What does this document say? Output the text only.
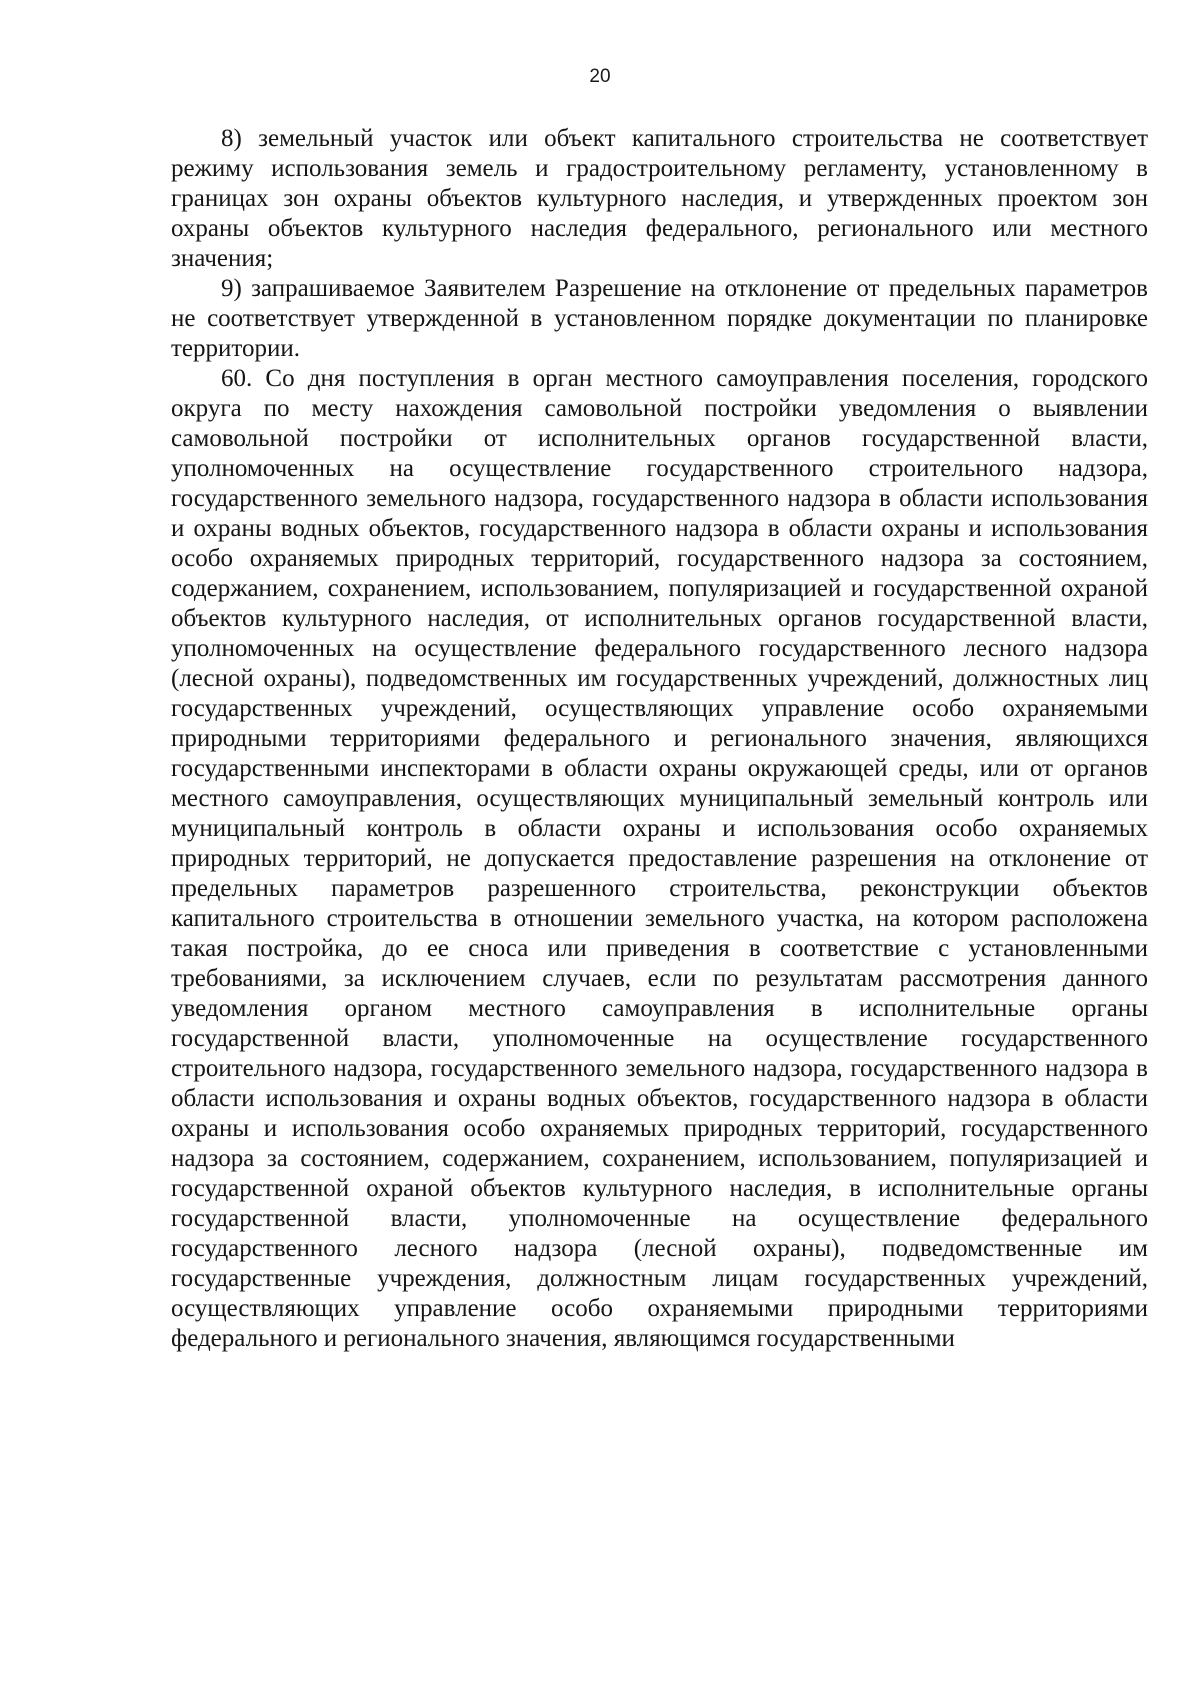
20

8) земельный участок или объект капитального строительства не соответствует режиму использования земель и градостроительному регламенту, установленному в границах зон охраны объектов культурного наследия, и утвержденных проектом зон охраны объектов культурного наследия федерального, регионального или местного значения;

9) запрашиваемое Заявителем Разрешение на отклонение от предельных параметров не соответствует утвержденной в установленном порядке документации по планировке территории.

60. Со дня поступления в орган местного самоуправления поселения, городского округа по месту нахождения самовольной постройки уведомления о выявлении самовольной постройки от исполнительных органов государственной власти, уполномоченных на осуществление государственного строительного надзора, государственного земельного надзора, государственного надзора в области использования и охраны водных объектов, государственного надзора в области охраны и использования особо охраняемых природных территорий, государственного надзора за состоянием, содержанием, сохранением, использованием, популяризацией и государственной охраной объектов культурного наследия, от исполнительных органов государственной власти, уполномоченных на осуществление федерального государственного лесного надзора (лесной охраны), подведомственных им государственных учреждений, должностных лиц государственных учреждений, осуществляющих управление особо охраняемыми природными территориями федерального и регионального значения, являющихся государственными инспекторами в области охраны окружающей среды, или от органов местного самоуправления, осуществляющих муниципальный земельный контроль или муниципальный контроль в области охраны и использования особо охраняемых природных территорий, не допускается предоставление разрешения на отклонение от предельных параметров разрешенного строительства, реконструкции объектов капитального строительства в отношении земельного участка, на котором расположена такая постройка, до ее сноса или приведения в соответствие с установленными требованиями, за исключением случаев, если по результатам рассмотрения данного уведомления органом местного самоуправления в исполнительные органы государственной власти, уполномоченные на осуществление государственного строительного надзора, государственного земельного надзора, государственного надзора в области использования и охраны водных объектов, государственного надзора в области охраны и использования особо охраняемых природных территорий, государственного надзора за состоянием, содержанием, сохранением, использованием, популяризацией и государственной охраной объектов культурного наследия, в исполнительные органы государственной власти, уполномоченные на осуществление федерального государственного лесного надзора (лесной охраны), подведомственные им государственные учреждения, должностным лицам государственных учреждений, осуществляющих управление особо охраняемыми природными территориями федерального и регионального значения, являющимся государственными
